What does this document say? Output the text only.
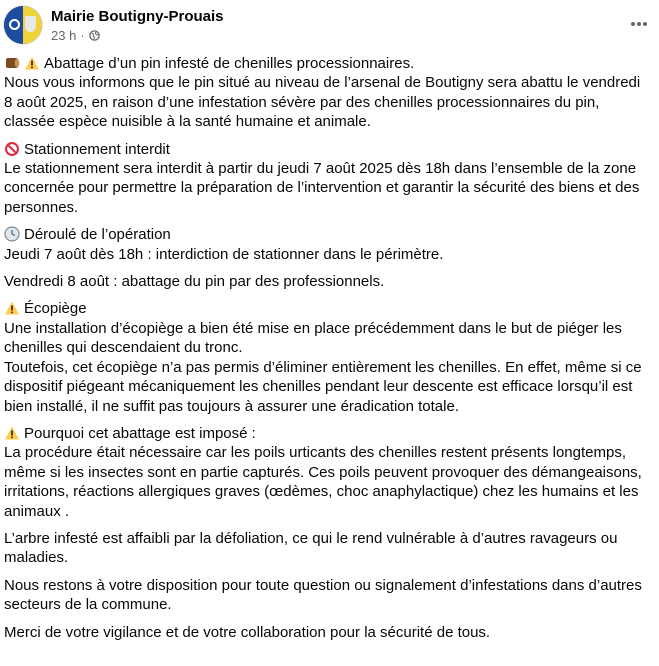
Mairie Boutigny-Prouais
23 h ·

Abattage d’un pin infesté de chenilles processionnaires.

Nous vous informons que le pin situé au niveau de l’arsenal de Boutigny sera abattu le vendredi 8 août 2025, en raison d’une infestation sévère par des chenilles processionnaires du pin, classée espèce nuisible à la santé humaine et animale.

Stationnement interdit

Le stationnement sera interdit à partir du jeudi 7 août 2025 dès 18h dans l’ensemble de la zone concernée pour permettre la préparation de l’intervention et garantir la sécurité des biens et des personnes.

Déroulé de l’opération

Jeudi 7 août dès 18h : interdiction de stationner dans le périmètre.

Vendredi 8 août : abattage du pin par des professionnels.

Écopiège

Une installation d’écopiège a bien été mise en place précédemment dans le but de piéger les chenilles qui descendaient du tronc.

Toutefois, cet écopiège n’a pas permis d’éliminer entièrement les chenilles. En effet, même si ce dispositif piégeant mécaniquement les chenilles pendant leur descente est efficace lorsqu’il est bien installé, il ne suffit pas toujours à assurer une éradication totale.

Pourquoi cet abattage est imposé :

La procédure était nécessaire car les poils urticants des chenilles restent présents longtemps, même si les insectes sont en partie capturés. Ces poils peuvent provoquer des démangeaisons, irritations, réactions allergiques graves (œdèmes, choc anaphylactique) chez les humains et les animaux .

L’arbre infesté est affaibli par la défoliation, ce qui le rend vulnérable à d’autres ravageurs ou maladies.

Nous restons à votre disposition pour toute question ou signalement d’infestations dans d’autres secteurs de la commune.

Merci de votre vigilance et de votre collaboration pour la sécurité de tous.
